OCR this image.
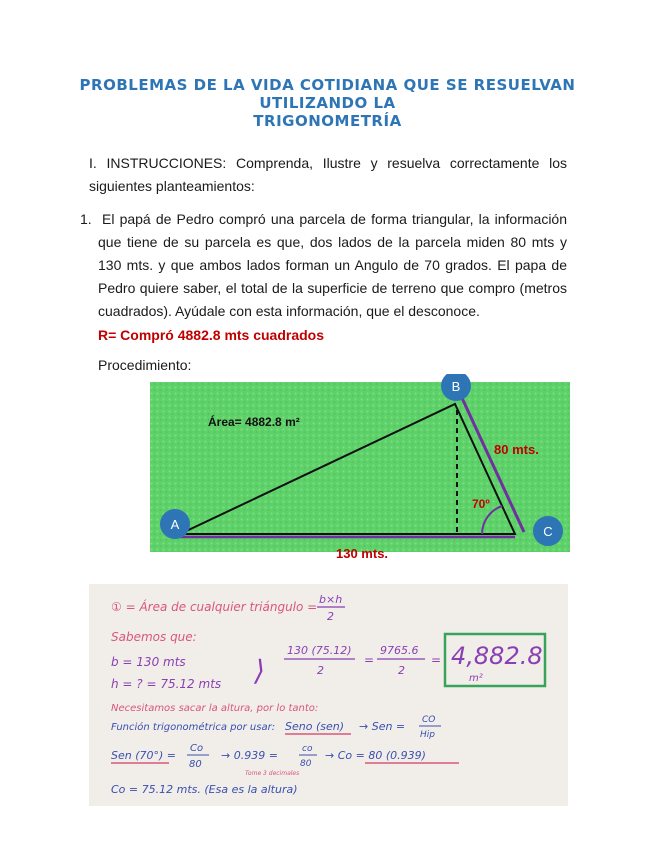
PROBLEMAS DE LA VIDA COTIDIANA QUE SE RESUELVAN UTILIZANDO LA
TRIGONOMETRÍA
I. INSTRUCCIONES: Comprenda, Ilustre y resuelva correctamente los siguientes planteamientos:
1. El papá de Pedro compró una parcela de forma triangular, la información que tiene de su parcela es que, dos lados de la parcela miden 80 mts y 130 mts. y que ambos lados forman un Angulo de 70 grados. El papa de Pedro quiere saber, el total de la superficie de terreno que compro (metros cuadrados). Ayúdale con esta información, que el desconoce.
R= Compró 4882.8 mts cuadrados
Procedimiento:
Área= 4882.8 m²
80 mts.
70º
130 mts.
A
B
C
① = Área de cualquier triángulo =
b×h
2
Sabemos que:
b = 130 mts
h = ? = 75.12 mts ⟩
130 (75.12)
2
=
9765.6
2
= 4,882.8
m²
Necesitamos sacar la altura, por lo tanto:
Función trigonométrica por usar: Seno (sen) → Sen = CO
Hip
Sen (70°) =
Co
80
→ 0.939 =	co
80
→ Co = 80 (0.939)
Tome 3 decimales
Co = 75.12 mts. (Esa es la altura)
